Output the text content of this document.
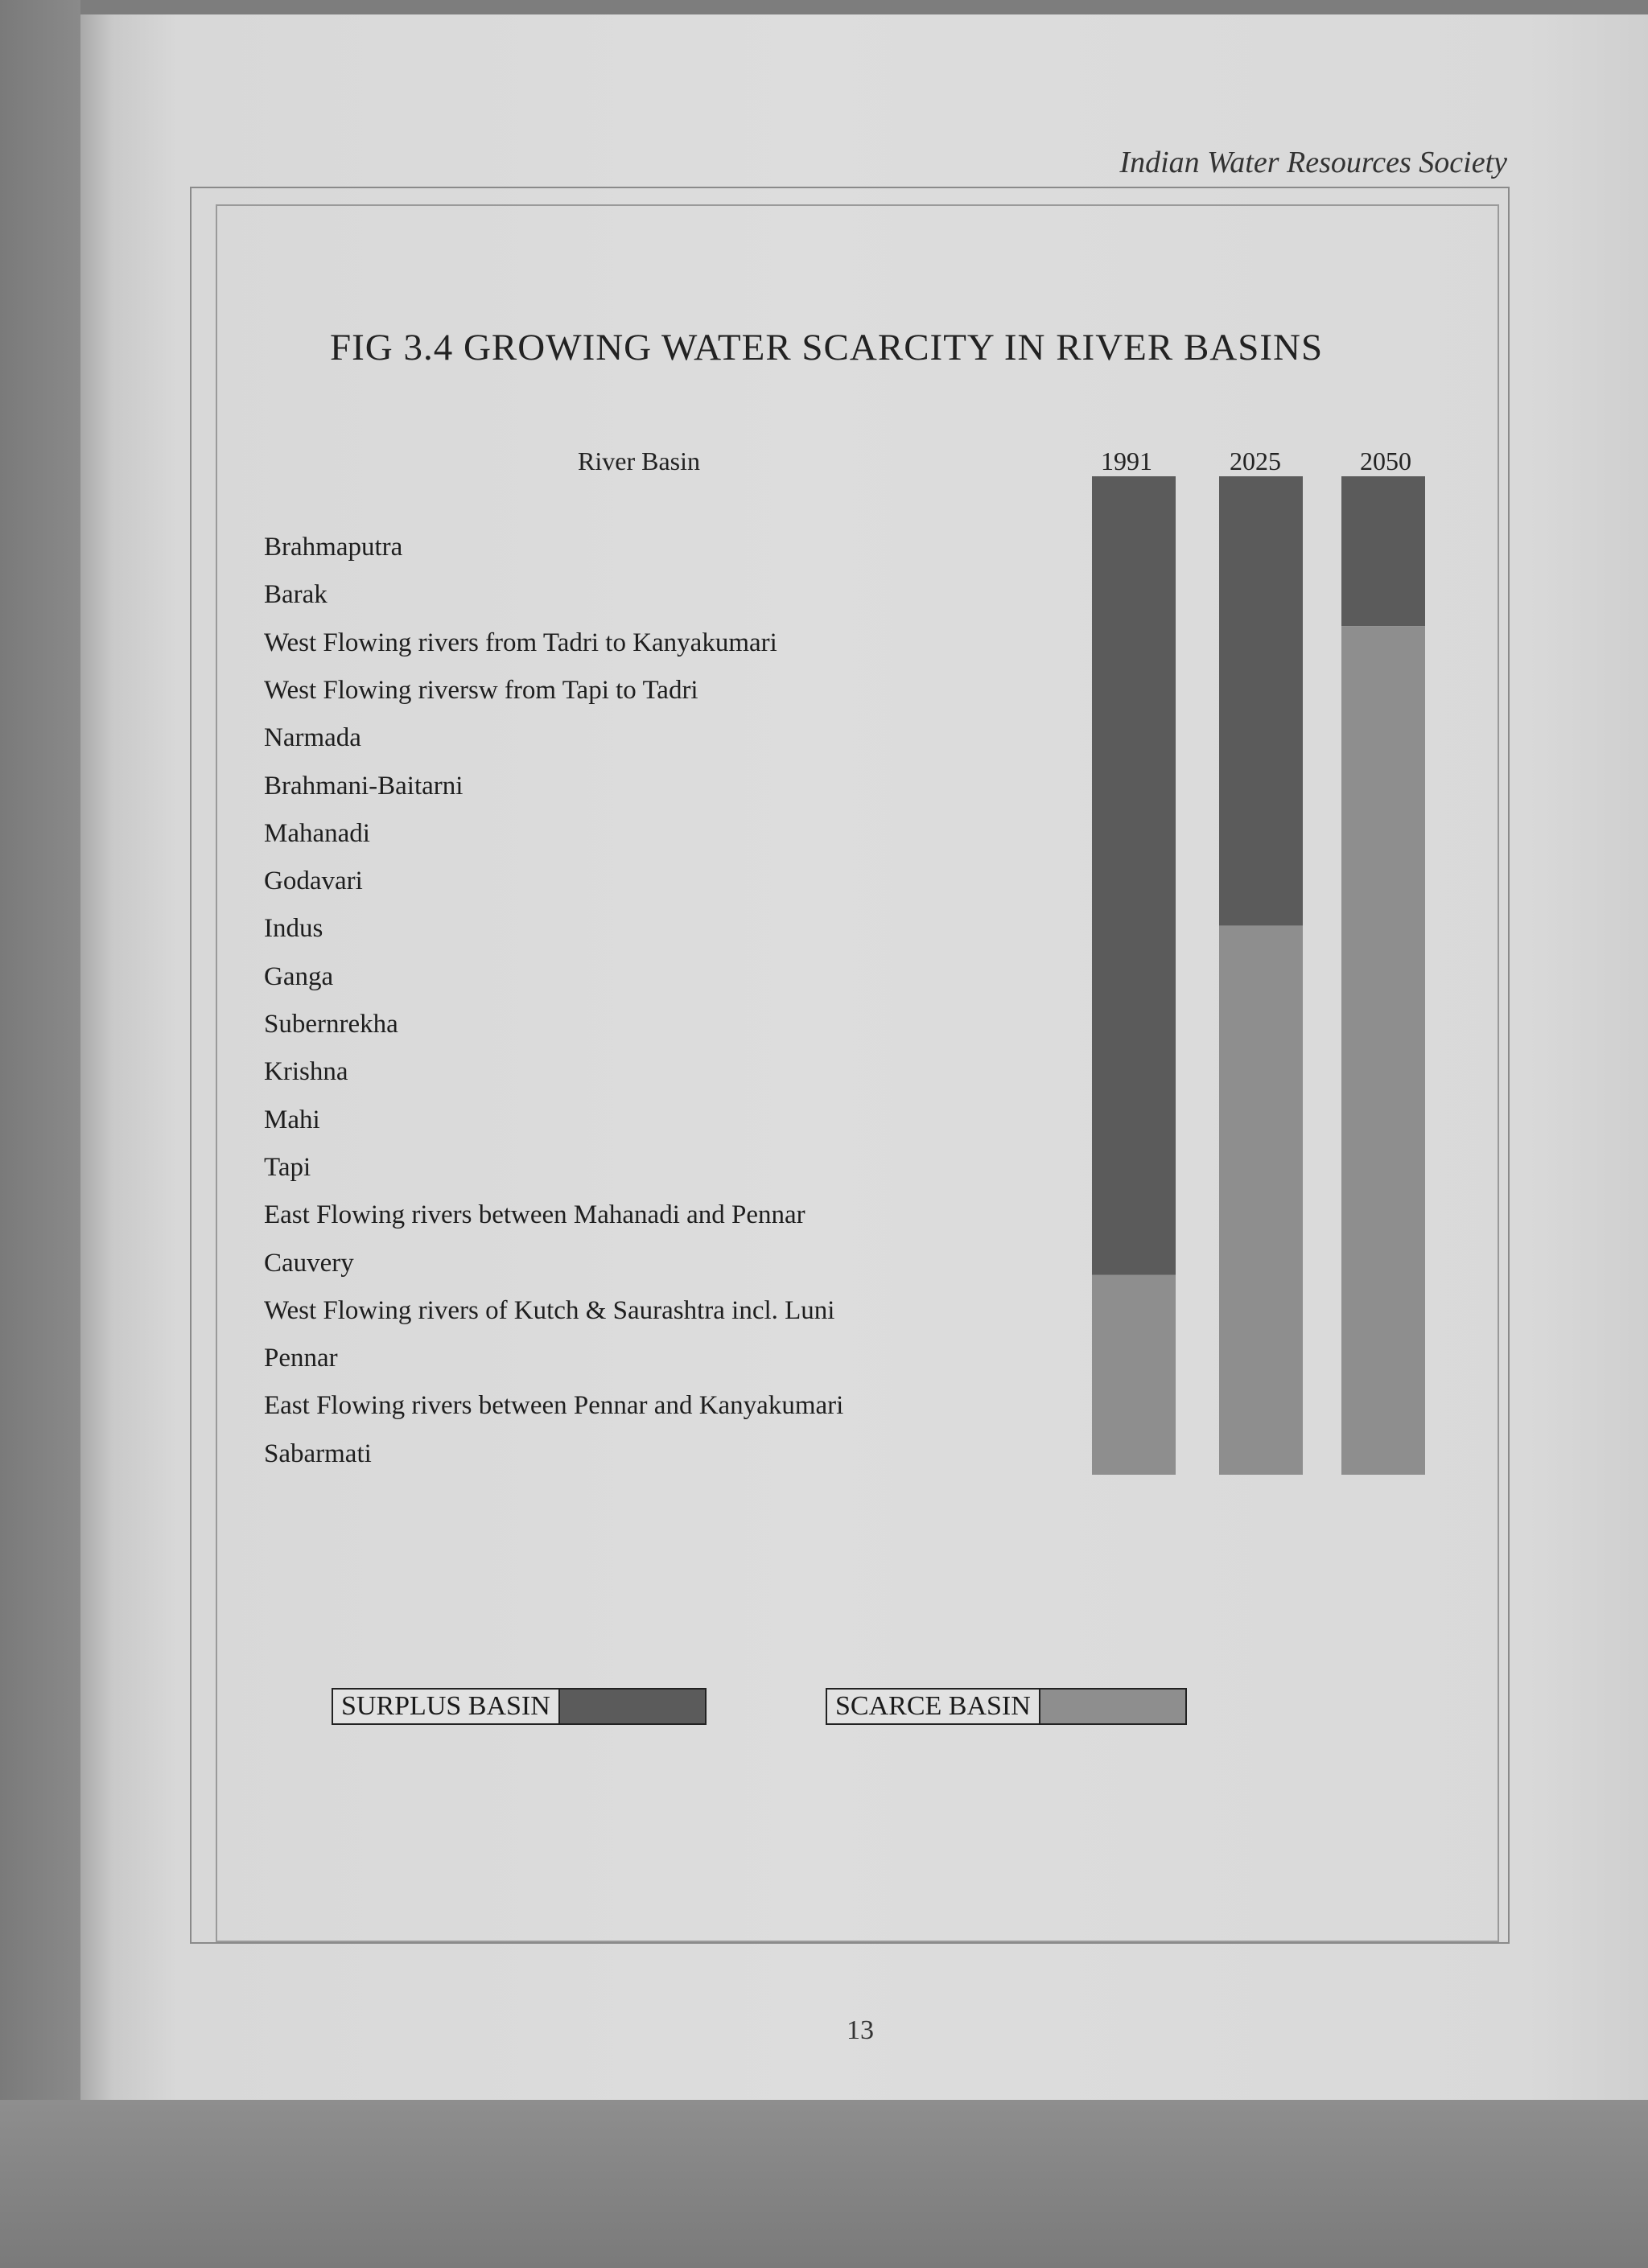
Indian Water Resources Society
FIG 3.4 GROWING WATER SCARCITY IN RIVER BASINS
River Basin	1991	2025	2050
Brahmaputra
Barak
West Flowing rivers from Tadri to Kanyakumari
West Flowing riversw from Tapi to Tadri
Narmada
Brahmani-Baitarni
Mahanadi
Godavari
Indus
Ganga
Subernrekha
Krishna
Mahi
Tapi
East Flowing rivers between Mahanadi and Pennar
Cauvery
West Flowing rivers of Kutch & Saurashtra incl. Luni
Pennar
East Flowing rivers between Pennar and Kanyakumari
Sabarmati
SURPLUS BASIN	SCARCE BASIN
13
